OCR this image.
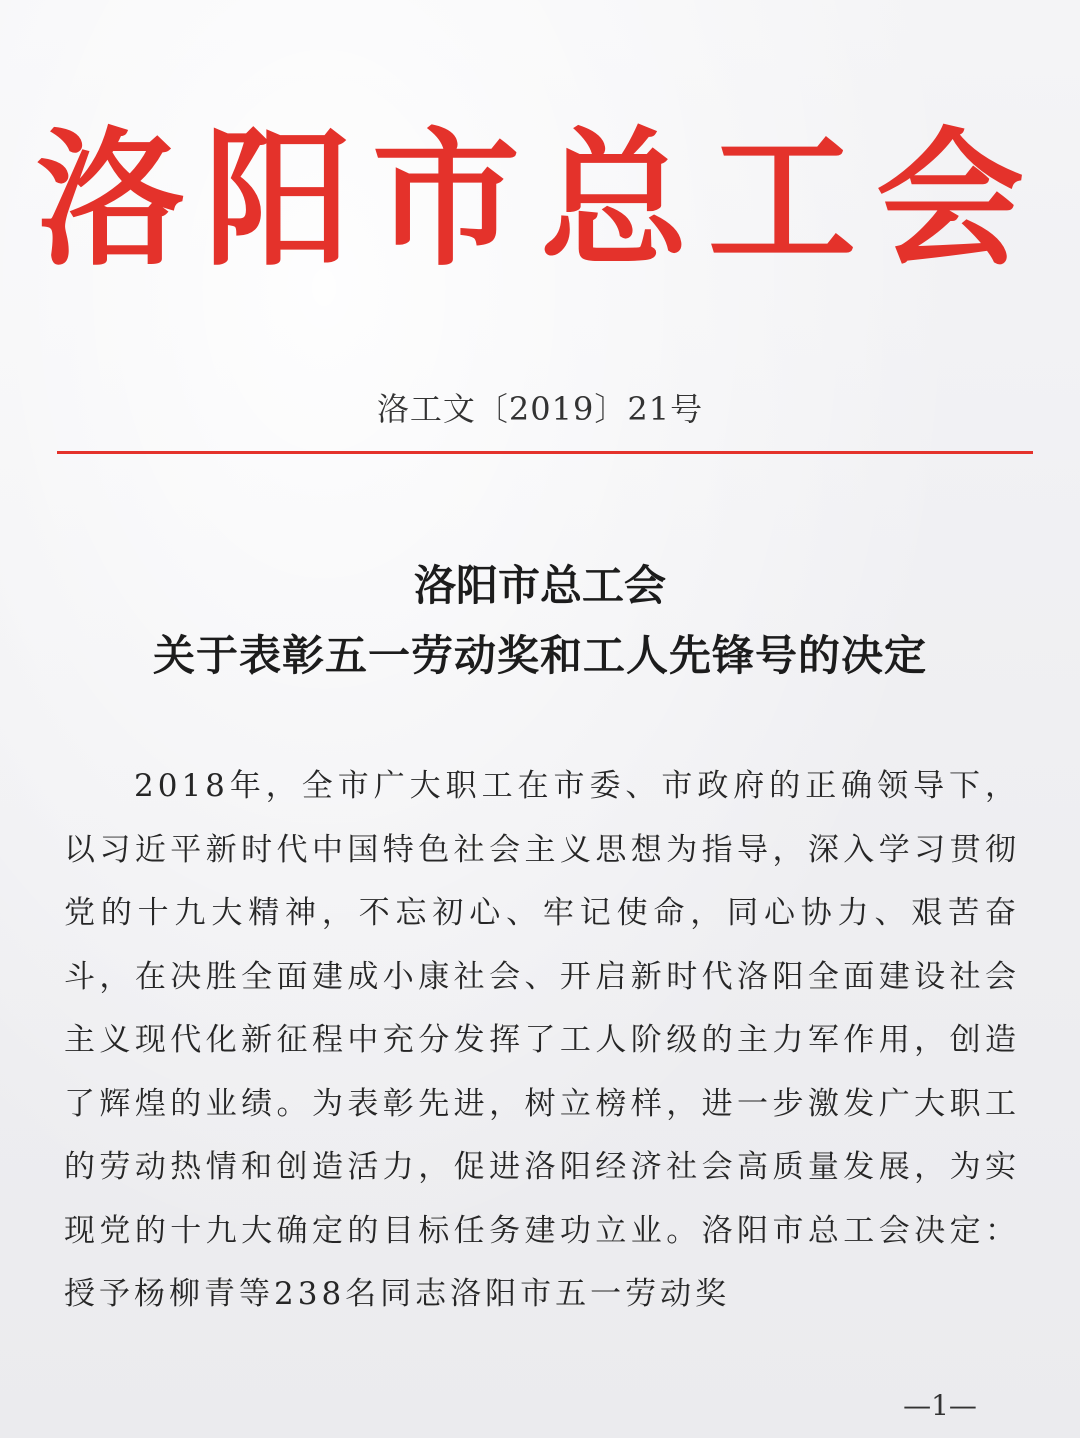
洛阳市总工会
洛工文〔2019〕21号
洛阳市总工会
关于表彰五一劳动奖和工人先锋号的决定

2018年，全市广大职工在市委、市政府的正确领导下，以习近平新时代中国特色社会主义思想为指导，深入学习贯彻党的十九大精神，不忘初心、牢记使命，同心协力、艰苦奋斗，在决胜全面建成小康社会、开启新时代洛阳全面建设社会主义现代化新征程中充分发挥了工人阶级的主力军作用，创造了辉煌的业绩。为表彰先进，树立榜样，进一步激发广大职工的劳动热情和创造活力，促进洛阳经济社会高质量发展，为实现党的十九大确定的目标任务建功立业。洛阳市总工会决定：授予杨柳青等238名同志洛阳市五一劳动奖

—1—
